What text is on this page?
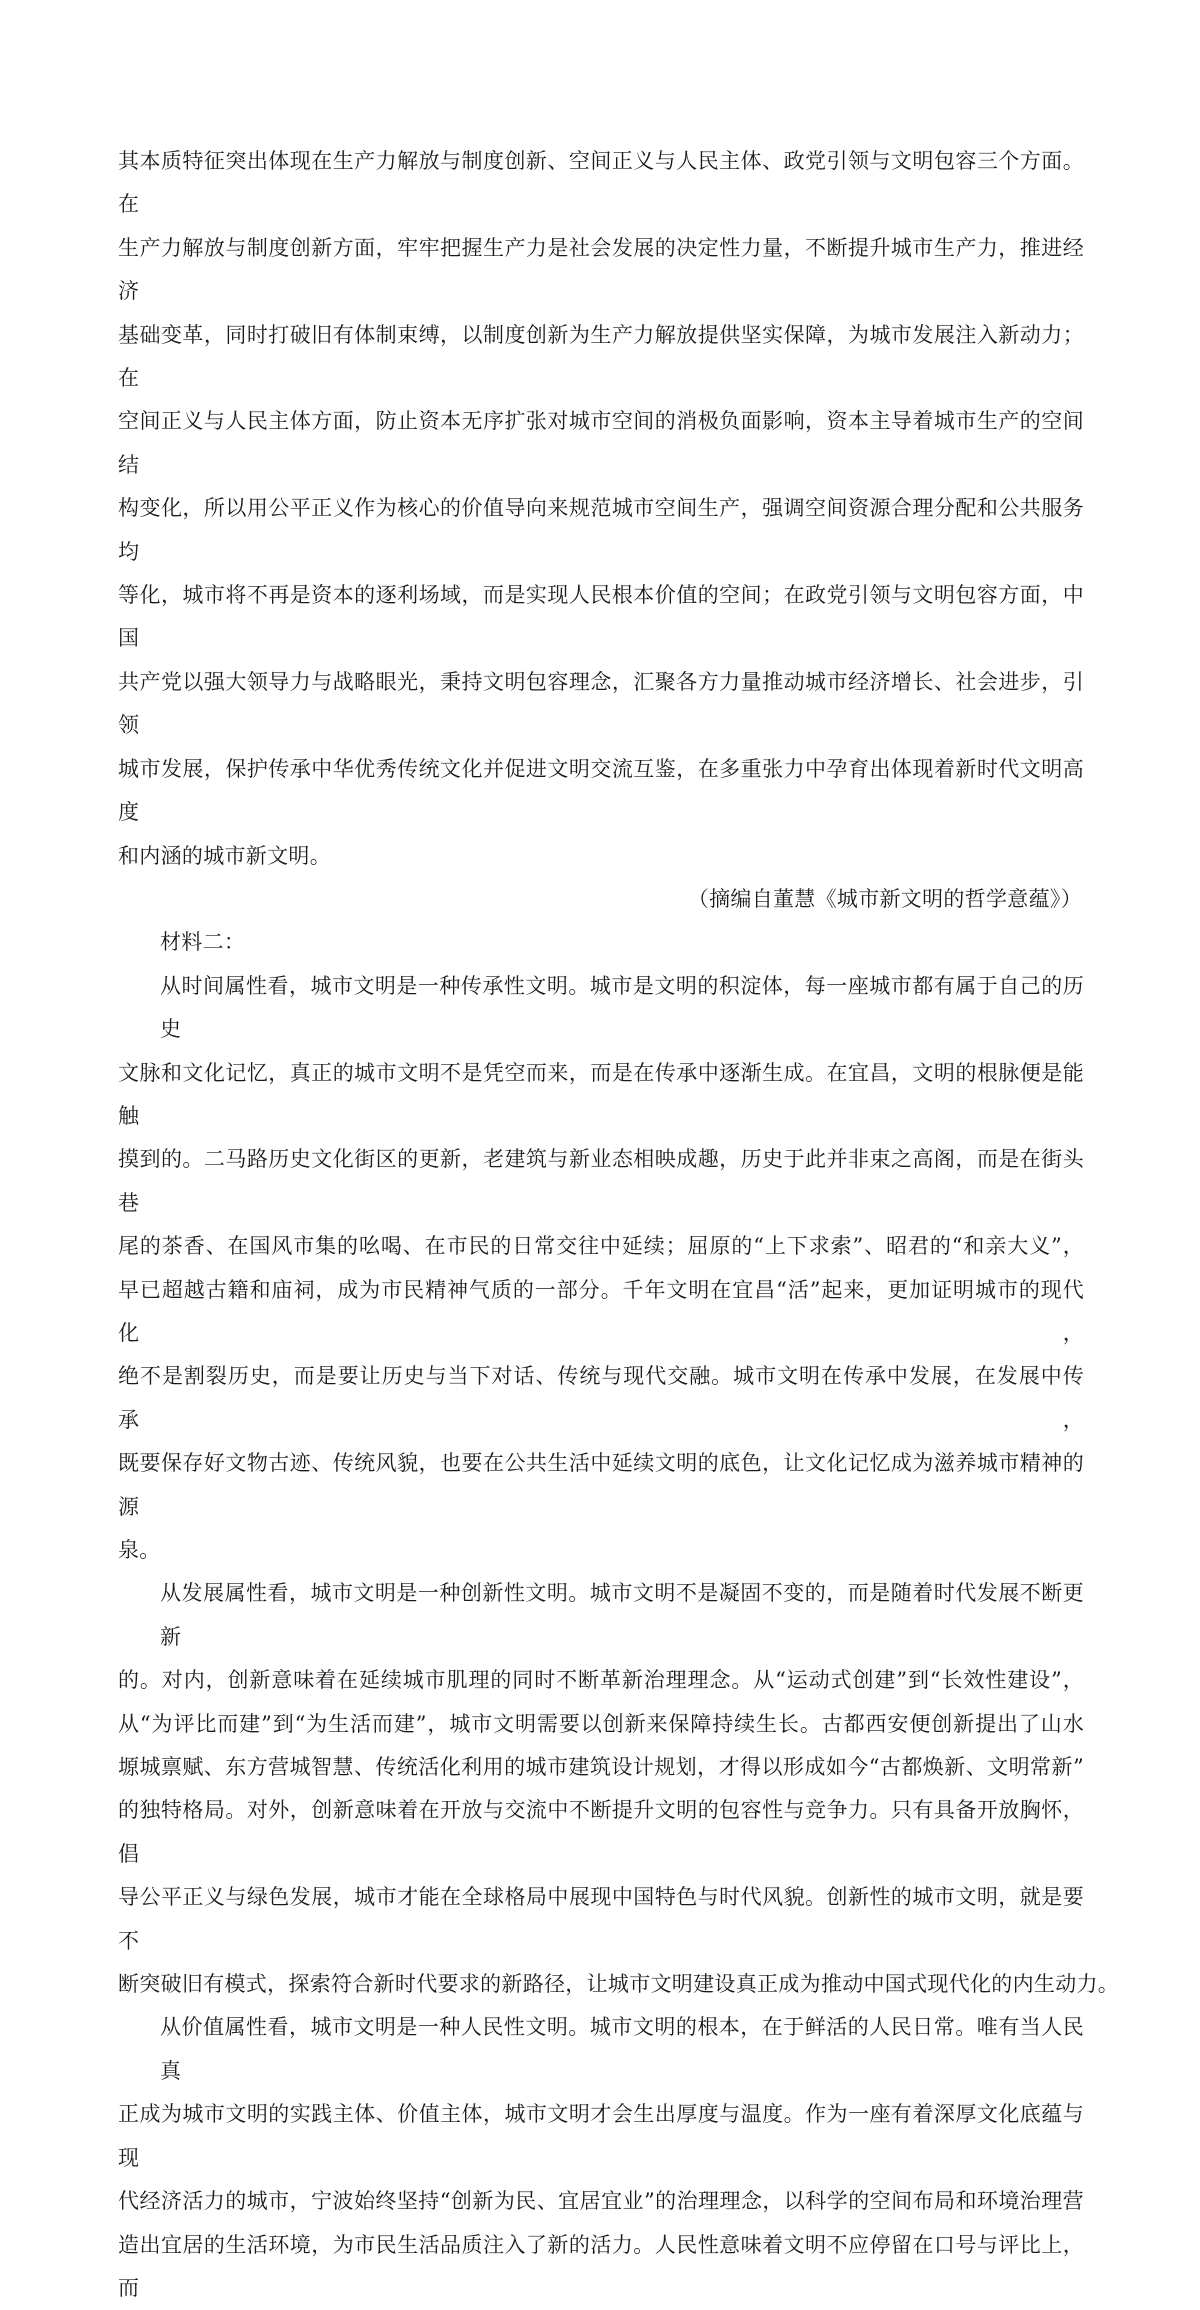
其本质特征突出体现在生产力解放与制度创新、空间正义与人民主体、政党引领与文明包容三个方面。在
生产力解放与制度创新方面，牢牢把握生产力是社会发展的决定性力量，不断提升城市生产力，推进经济
基础变革，同时打破旧有体制束缚，以制度创新为生产力解放提供坚实保障，为城市发展注入新动力；在
空间正义与人民主体方面，防止资本无序扩张对城市空间的消极负面影响，资本主导着城市生产的空间结
构变化，所以用公平正义作为核心的价值导向来规范城市空间生产，强调空间资源合理分配和公共服务均
等化，城市将不再是资本的逐利场域，而是实现人民根本价值的空间；在政党引领与文明包容方面，中国
共产党以强大领导力与战略眼光，秉持文明包容理念，汇聚各方力量推动城市经济增长、社会进步，引领
城市发展，保护传承中华优秀传统文化并促进文明交流互鉴，在多重张力中孕育出体现着新时代文明高度
和内涵的城市新文明。
（摘编自董慧《城市新文明的哲学意蕴》）
材料二：
从时间属性看，城市文明是一种传承性文明。城市是文明的积淀体，每一座城市都有属于自己的历史
文脉和文化记忆，真正的城市文明不是凭空而来，而是在传承中逐渐生成。在宜昌，文明的根脉便是能触
摸到的。二马路历史文化街区的更新，老建筑与新业态相映成趣，历史于此并非束之高阁，而是在街头巷
尾的茶香、在国风市集的吆喝、在市民的日常交往中延续；屈原的“上下求索”、昭君的“和亲大义”，
早已超越古籍和庙祠，成为市民精神气质的一部分。千年文明在宜昌“活”起来，更加证明城市的现代化，
绝不是割裂历史，而是要让历史与当下对话、传统与现代交融。城市文明在传承中发展，在发展中传承，
既要保存好文物古迹、传统风貌，也要在公共生活中延续文明的底色，让文化记忆成为滋养城市精神的源
泉。
从发展属性看，城市文明是一种创新性文明。城市文明不是凝固不变的，而是随着时代发展不断更新
的。对内，创新意味着在延续城市肌理的同时不断革新治理理念。从“运动式创建”到“长效性建设”，
从“为评比而建”到“为生活而建”，城市文明需要以创新来保障持续生长。古都西安便创新提出了山水
塬城禀赋、东方营城智慧、传统活化利用的城市建筑设计规划，才得以形成如今“古都焕新、文明常新”
的独特格局。对外，创新意味着在开放与交流中不断提升文明的包容性与竞争力。只有具备开放胸怀，倡
导公平正义与绿色发展，城市才能在全球格局中展现中国特色与时代风貌。创新性的城市文明，就是要不
断突破旧有模式，探索符合新时代要求的新路径，让城市文明建设真正成为推动中国式现代化的内生动力。
从价值属性看，城市文明是一种人民性文明。城市文明的根本，在于鲜活的人民日常。唯有当人民真
正成为城市文明的实践主体、价值主体，城市文明才会生出厚度与温度。作为一座有着深厚文化底蕴与现
代经济活力的城市，宁波始终坚持“创新为民、宜居宜业”的治理理念，以科学的空间布局和环境治理营
造出宜居的生活环境，为市民生活品质注入了新的活力。人民性意味着文明不应停留在口号与评比上，而
